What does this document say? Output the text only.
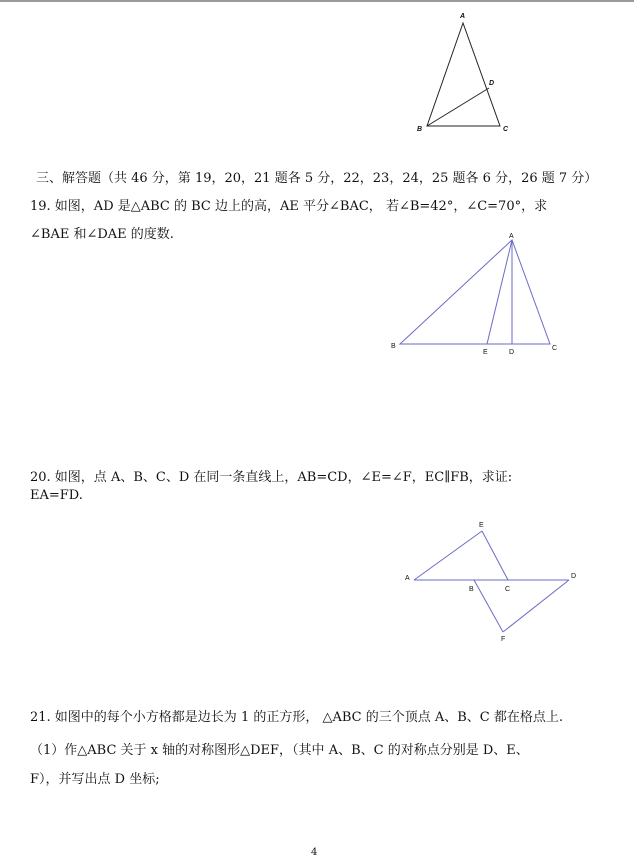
A
B	C
D
三、解答题（共 46 分，第 19，20，21 题各 5 分，22，23，24，25 题各 6 分，26 题 7 分）
19. 如图，AD 是△ABC 的 BC 边上的高，AE 平分∠BAC， 若∠B=42°，∠C=70°，求
∠BAE 和∠DAE 的度数.	A
B
E	D
C
20. 如图，点 A、B、C、D 在同一条直线上，AB=CD，∠E=∠F，EC∥FB，求证:
EA=FD.
A
B	C
D
E
F
21. 如图中的每个小方格都是边长为 1 的正方形， △ABC 的三个顶点 A、B、C 都在格点上.
（1）作△ABC 关于 x 轴的对称图形△DEF，（其中 A、B、C 的对称点分别是 D、E、
F），并写出点 D 坐标;
4
